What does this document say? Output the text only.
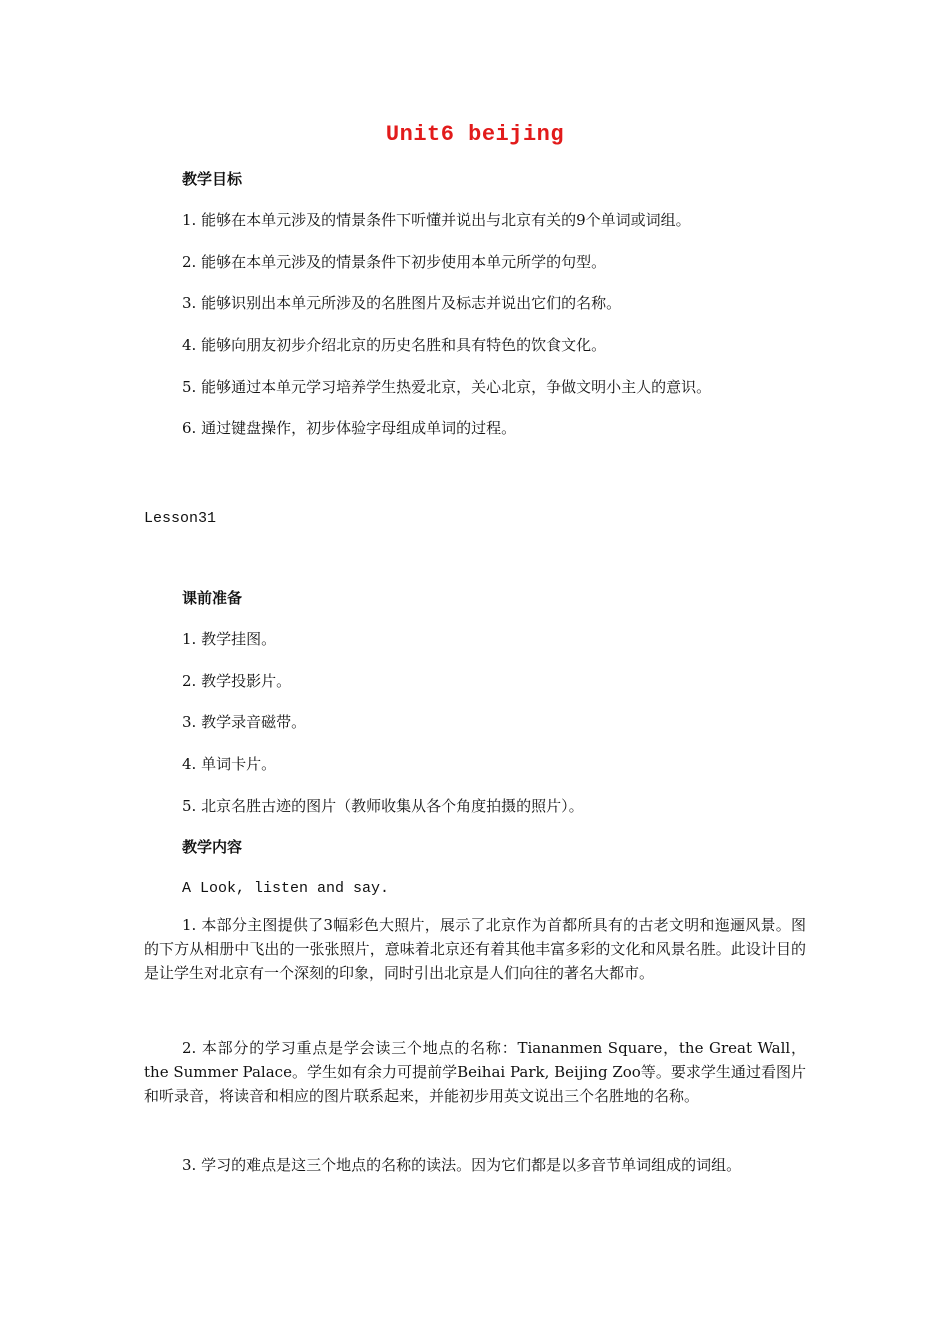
Unit6 beijing
教学目标
1. 能够在本单元涉及的情景条件下听懂并说出与北京有关的9个单词或词组。
2. 能够在本单元涉及的情景条件下初步使用本单元所学的句型。
3. 能够识别出本单元所涉及的名胜图片及标志并说出它们的名称。
4. 能够向朋友初步介绍北京的历史名胜和具有特色的饮食文化。
5. 能够通过本单元学习培养学生热爱北京，关心北京，争做文明小主人的意识。
6. 通过键盘操作，初步体验字母组成单词的过程。
Lesson31
课前准备
1. 教学挂图。
2. 教学投影片。
3. 教学录音磁带。
4. 单词卡片。
5. 北京名胜古迹的图片（教师收集从各个角度拍摄的照片）。
教学内容
A Look, listen and say.
1. 本部分主图提供了3幅彩色大照片，展示了北京作为首都所具有的古老文明和迤逦风景。图的下方从相册中飞出的一张张照片，意味着北京还有着其他丰富多彩的文化和风景名胜。此设计目的是让学生对北京有一个深刻的印象，同时引出北京是人们向往的著名大都市。
2. 本部分的学习重点是学会读三个地点的名称：Tiananmen Square，the Great Wall，the Summer Palace。学生如有余力可提前学Beihai Park, Beijing Zoo等。要求学生通过看图片和听录音，将读音和相应的图片联系起来，并能初步用英文说出三个名胜地的名称。
3. 学习的难点是这三个地点的名称的读法。因为它们都是以多音节单词组成的词组。
